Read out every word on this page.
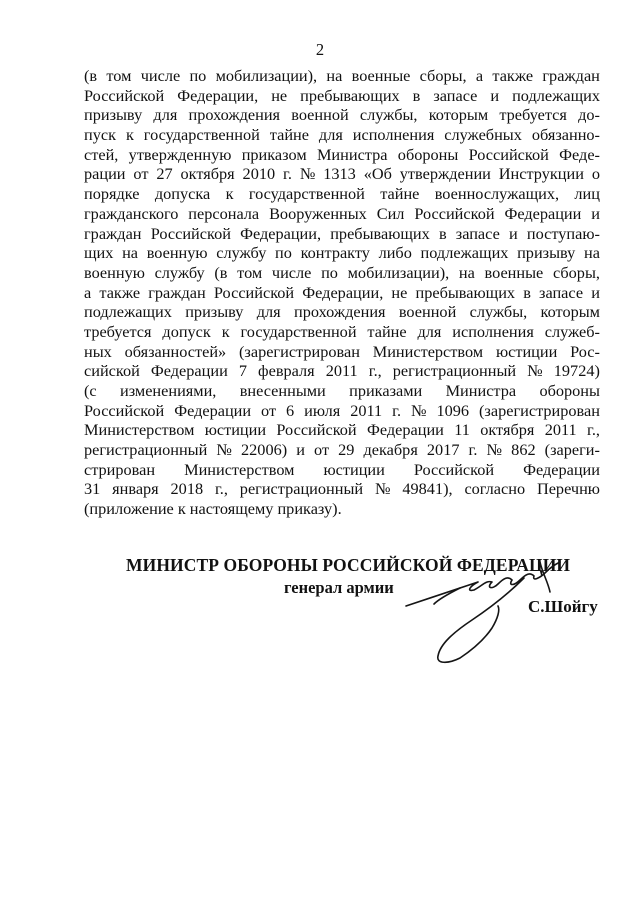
2
(в том числе по мобилизации), на военные сборы, а также граждан
Российской Федерации, не пребывающих в запасе и подлежащих
призыву для прохождения военной службы, которым требуется до-
пуск к государственной тайне для исполнения служебных обязанно-
стей, утвержденную приказом Министра обороны Российской Феде-
рации от 27 октября 2010 г. № 1313 «Об утверждении Инструкции о
порядке допуска к государственной тайне военнослужащих, лиц
гражданского персонала Вооруженных Сил Российской Федерации и
граждан Российской Федерации, пребывающих в запасе и поступаю-
щих на военную службу по контракту либо подлежащих призыву на
военную службу (в том числе по мобилизации), на военные сборы,
а также граждан Российской Федерации, не пребывающих в запасе и
подлежащих призыву для прохождения военной службы, которым
требуется допуск к государственной тайне для исполнения служеб-
ных обязанностей» (зарегистрирован Министерством юстиции Рос-
сийской Федерации 7 февраля 2011 г., регистрационный № 19724)
(с изменениями, внесенными приказами Министра обороны
Российской Федерации от 6 июля 2011 г. № 1096 (зарегистрирован
Министерством юстиции Российской Федерации 11 октября 2011 г.,
регистрационный № 22006) и от 29 декабря 2017 г. № 862 (зареги-
стрирован Министерством юстиции Российской Федерации
31 января 2018 г., регистрационный № 49841), согласно Перечню
(приложение к настоящему приказу).
МИНИСТР ОБОРОНЫ РОССИЙСКОЙ ФЕДЕРАЦИИ
генерал армии
С.Шойгу
